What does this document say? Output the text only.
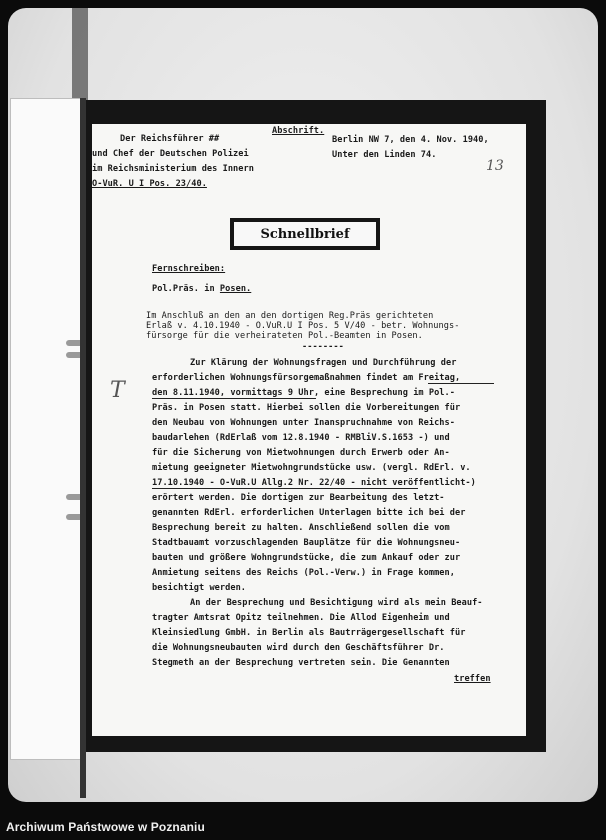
Abschrift.
Der Reichsführer ##
und Chef der Deutschen Polizei
im Reichsministerium des Innern
O-VuR. U I Pos. 23/40.
Berlin NW 7, den 4. Nov. 1940,
Unter den Linden 74.
13
Schnellbrief
Fernschreiben:
Pol.Präs. in Posen.
Im Anschluß an den an den dortigen Reg.Präs gerichteten
Erlaß v. 4.10.1940 - O.VuR.U I Pos. 5 V/40 - betr. Wohnungs-
fürsorge für die verheirateten Pol.-Beamten in Posen.
--------
Zur Klärung der Wohnungsfragen und Durchführung der
erforderlichen Wohnungsfürsorgemaßnahmen findet am Freitag,
den 8.11.1940, vormittags 9 Uhr, eine Besprechung im Pol.-
Präs. in Posen statt. Hierbei sollen die Vorbereitungen für
den Neubau von Wohnungen unter Inanspruchnahme von Reichs-
baudarlehen (RdErlaß vom 12.8.1940 - RMBliV.S.1653 -) und
für die Sicherung von Mietwohnungen durch Erwerb oder An-
mietung geeigneter Mietwohngrundstücke usw. (vergl. RdErl. v.
17.10.1940 - O-VuR.U Allg.2 Nr. 22/40 - nicht veröffentlicht-)
erörtert werden. Die dortigen zur Bearbeitung des letzt-
genannten RdErl. erforderlichen Unterlagen bitte ich bei der
Besprechung bereit zu halten. Anschließend sollen die vom
Stadtbauamt vorzuschlagenden Bauplätze für die Wohnungsneu-
bauten und größere Wohngrundstücke, die zum Ankauf oder zur
Anmietung seitens des Reichs (Pol.-Verw.) in Frage kommen,
besichtigt werden.
An der Besprechung und Besichtigung wird als mein Beauf-
tragter Amtsrat Opitz teilnehmen. Die Allod Eigenheim und
Kleinsiedlung GmbH. in Berlin als Bautrrägergesellschaft für
die Wohnungsneubauten wird durch den Geschäftsführer Dr.
Stegmeth an der Besprechung vertreten sein. Die Genannten
treffen
T
Archiwum Państwowe w Poznaniu
